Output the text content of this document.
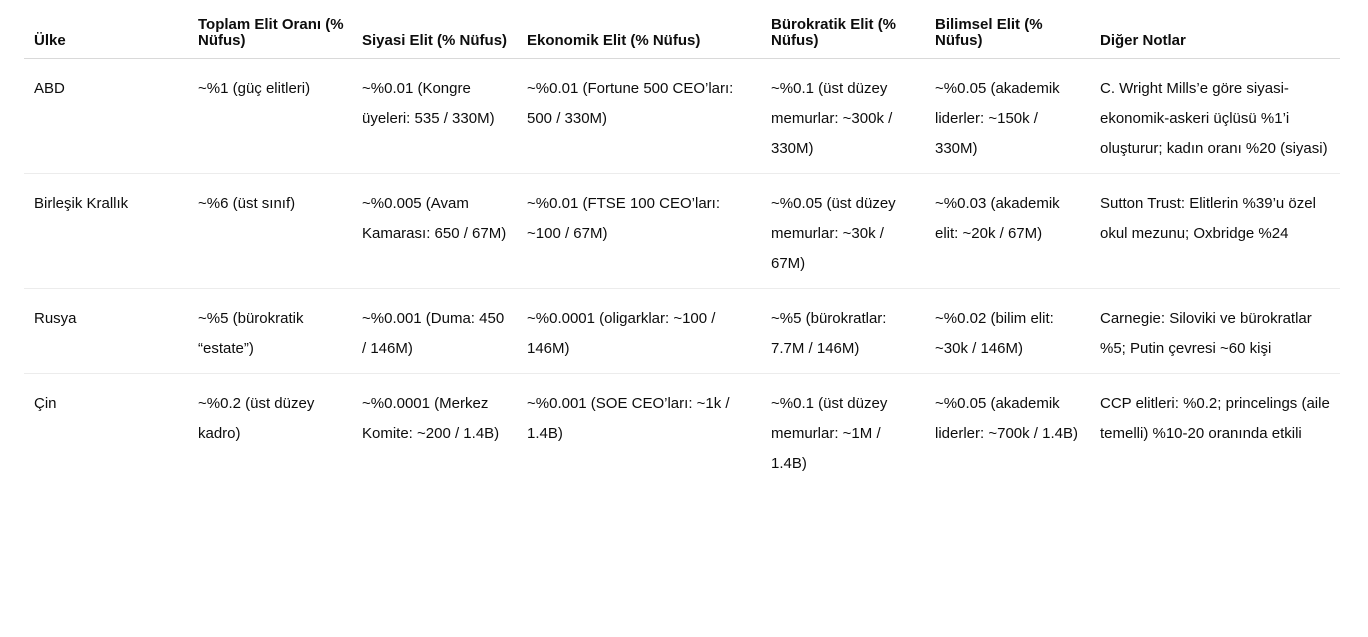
Ülke	Toplam Elit Oranı (% Nüfus)	Siyasi Elit (% Nüfus)	Ekonomik Elit (% Nüfus)	Bürokratik Elit (% Nüfus)	Bilimsel Elit (% Nüfus)	Diğer Notlar
ABD	~%1 (güç elitleri)	~%0.01 (Kongre üyeleri: 535 / 330M)	~%0.01 (Fortune 500 CEO’ları: 500 / 330M)	~%0.1 (üst düzey memurlar: ~300k / 330M)	~%0.05 (akademik liderler: ~150k / 330M)	C. Wright Mills’e göre siyasi-ekonomik-askeri üçlüsü %1’i oluşturur; kadın oranı %20 (siyasi)
Birleşik Krallık	~%6 (üst sınıf)	~%0.005 (Avam Kamarası: 650 / 67M)	~%0.01 (FTSE 100 CEO’ları: ~100 / 67M)	~%0.05 (üst düzey memurlar: ~30k / 67M)	~%0.03 (akademik elit: ~20k / 67M)	Sutton Trust: Elitlerin %39’u özel okul mezunu; Oxbridge %24
Rusya	~%5 (bürokratik “estate”)	~%0.001 (Duma: 450 / 146M)	~%0.0001 (oligarklar: ~100 / 146M)	~%5 (bürokratlar: 7.7M / 146M)	~%0.02 (bilim elit: ~30k / 146M)	Carnegie: Siloviki ve bürokratlar %5; Putin çevresi ~60 kişi
Çin	~%0.2 (üst düzey kadro)	~%0.0001 (Merkez Komite: ~200 / 1.4B)	~%0.001 (SOE CEO’ları: ~1k / 1.4B)	~%0.1 (üst düzey memurlar: ~1M / 1.4B)	~%0.05 (akademik liderler: ~700k / 1.4B)	CCP elitleri: %0.2; princelings (aile temelli) %10-20 oranında etkili
